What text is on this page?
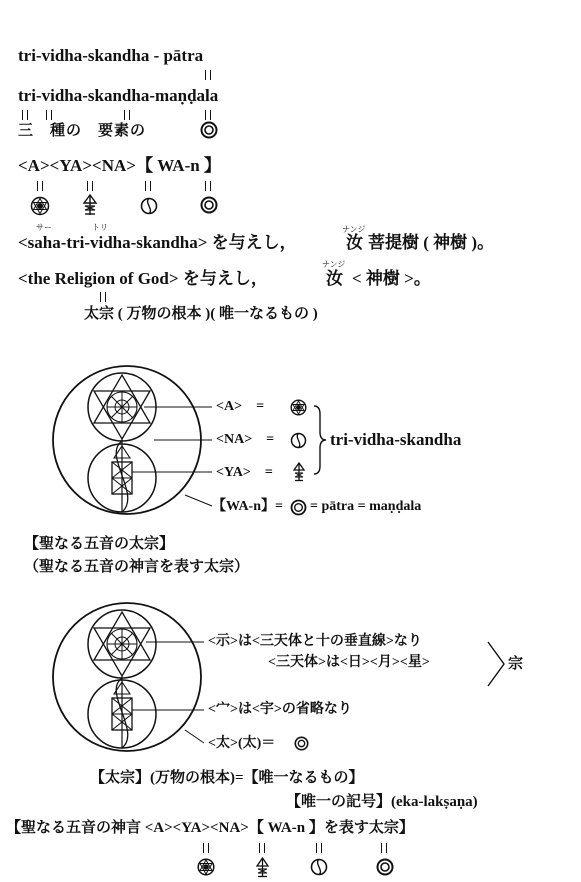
tri-vidha-skandha - pātra
tri-vidha-skandha-maṇḍala
三　種の　要素の
<A><YA><NA>【 WA-n 】
サー	トリ	ナンジ
<saha-tri-vidha-skandha> を与えし，	汝 菩提樹 ( 神樹 )。
ナンジ
<the Religion of God> を与えし，	汝 < 神樹 >。
太宗 ( 万物の根本 )( 唯一なるもの )
<A>　=
<NA>　=
<YA>　=
tri-vidha-skandha
【WA-n】= = pātra = maṇḍala
【聖なる五音の太宗】
（聖なる五音の神言を表す太宗）
<示>は<三天体と十の垂直線>なり
<三天体>は<日><月><星>	宗
<宀>は<宇>の省略なり
<太>(太)＝
【太宗】(万物の根本)=【唯一なるもの】
【唯一の記号】(eka-lakṣaṇa)
【聖なる五音の神言 <A><YA><NA>【 WA-n 】を表す太宗】
